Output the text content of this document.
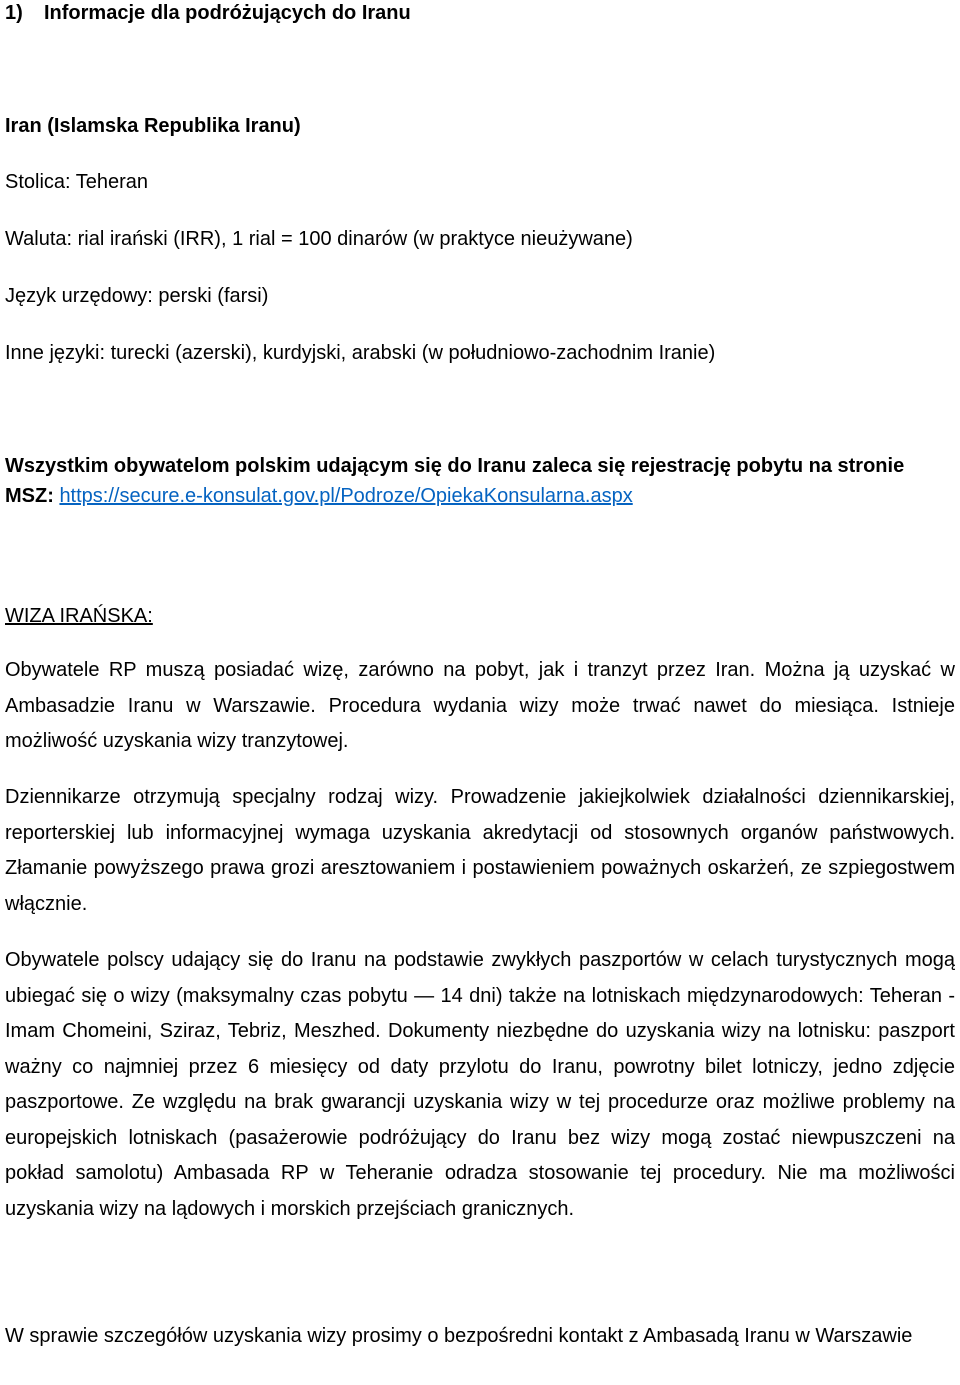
1) Informacje dla podróżujących do Iranu

Iran (Islamska Republika Iranu)

Stolica: Teheran

Waluta: rial irański (IRR), 1 rial = 100 dinarów (w praktyce nieużywane)

Język urzędowy: perski (farsi)

Inne języki: turecki (azerski), kurdyjski, arabski (w południowo-zachodnim Iranie)

Wszystkim obywatelom polskim udającym się do Iranu zaleca się rejestrację pobytu na stronie MSZ: https://secure.e-konsulat.gov.pl/Podroze/OpiekaKonsularna.aspx

WIZA IRAŃSKA:

Obywatele RP muszą posiadać wizę, zarówno na pobyt, jak i tranzyt przez Iran. Można ją uzyskać w Ambasadzie Iranu w Warszawie. Procedura wydania wizy może trwać nawet do miesiąca. Istnieje możliwość uzyskania wizy tranzytowej.

Dziennikarze otrzymują specjalny rodzaj wizy. Prowadzenie jakiejkolwiek działalności dziennikarskiej, reporterskiej lub informacyjnej wymaga uzyskania akredytacji od stosownych organów państwowych. Złamanie powyższego prawa grozi aresztowaniem i postawieniem poważnych oskarżeń, ze szpiegostwem włącznie.

Obywatele polscy udający się do Iranu na podstawie zwykłych paszportów w celach turystycznych mogą ubiegać się o wizy (maksymalny czas pobytu — 14 dni) także na lotniskach międzynarodowych: Teheran - Imam Chomeini, Sziraz, Tebriz, Meszhed. Dokumenty niezbędne do uzyskania wizy na lotnisku: paszport ważny co najmniej przez 6 miesięcy od daty przylotu do Iranu, powrotny bilet lotniczy, jedno zdjęcie paszportowe. Ze względu na brak gwarancji uzyskania wizy w tej procedurze oraz możliwe problemy na europejskich lotniskach (pasażerowie podróżujący do Iranu bez wizy mogą zostać niewpuszczeni na pokład samolotu) Ambasada RP w Teheranie odradza stosowanie tej procedury. Nie ma możliwości uzyskania wizy na lądowych i morskich przejściach granicznych.

W sprawie szczegółów uzyskania wizy prosimy o bezpośredni kontakt z Ambasadą Iranu w Warszawie
